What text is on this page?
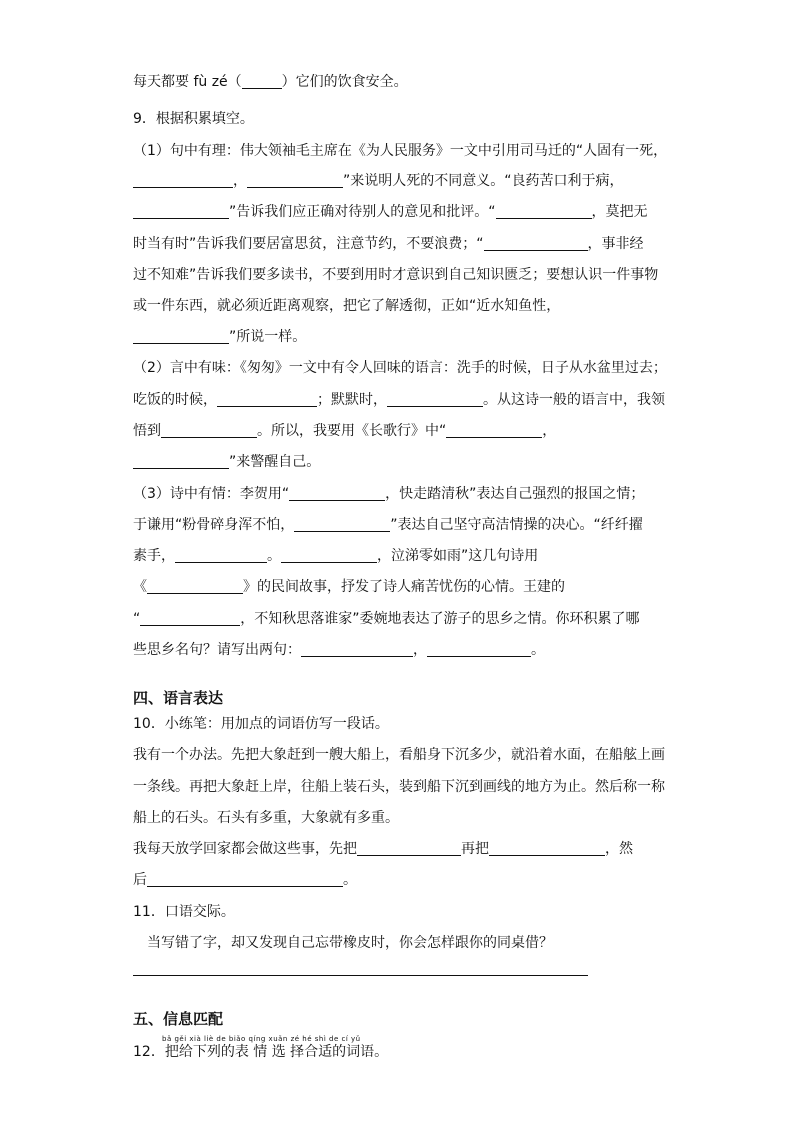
每天都要 fù zé（	）它们的饮食安全。
9．根据积累填空。
（1）句中有理：伟大领袖毛主席在《为人民服务》一文中引用司马迁的“人固有一死，
，	”来说明人死的不同意义。“良药苦口利于病，
”告诉我们应正确对待别人的意见和批评。“	，莫把无
时当有时”告诉我们要居富思贫，注意节约，不要浪费；“	，事非经
过不知难”告诉我们要多读书，不要到用时才意识到自己知识匮乏；要想认识一件事物
或一件东西，就必须近距离观察，把它了解透彻，正如“近水知鱼性，
”所说一样。
（2）言中有味：《匆匆》一文中有令人回味的语言：洗手的时候，日子从水盆里过去；
吃饭的时候，	；默默时，	。从这诗一般的语言中，我领
悟到	。所以，我要用《长歌行》中“	，
”来警醒自己。
（3）诗中有情：李贺用“	，快走踏清秋”表达自己强烈的报国之情；
于谦用“粉骨碎身浑不怕，	”表达自己坚守高洁情操的决心。“纤纤擢
素手，	。	，泣涕零如雨”这几句诗用
《	》的民间故事，抒发了诗人痛苦忧伤的心情。王建的
“	，不知秋思落谁家”委婉地表达了游子的思乡之情。你环积累了哪
些思乡名句？请写出两句：	，	。
四、语言表达
10．小练笔：用加点的词语仿写一段话。
我有一个办法。先把大象赶到一艘大船上，看船身下沉多少，就沿着水面，在船舷上画
一条线。再把大象赶上岸，往船上装石头，装到船下沉到画线的地方为止。然后称一称
船上的石头。石头有多重，大象就有多重。
我每天放学回家都会做这些事，先把	再把	，然
后	。
11．口语交际。
当写错了字，却又发现自己忘带橡皮时，你会怎样跟你的同桌借？
五、信息匹配
bǎ gěi xià liè de biǎo qíng xuǎn zé hé shì de cí yǔ
12．把给下列的表 情 选 择合适的词语。
